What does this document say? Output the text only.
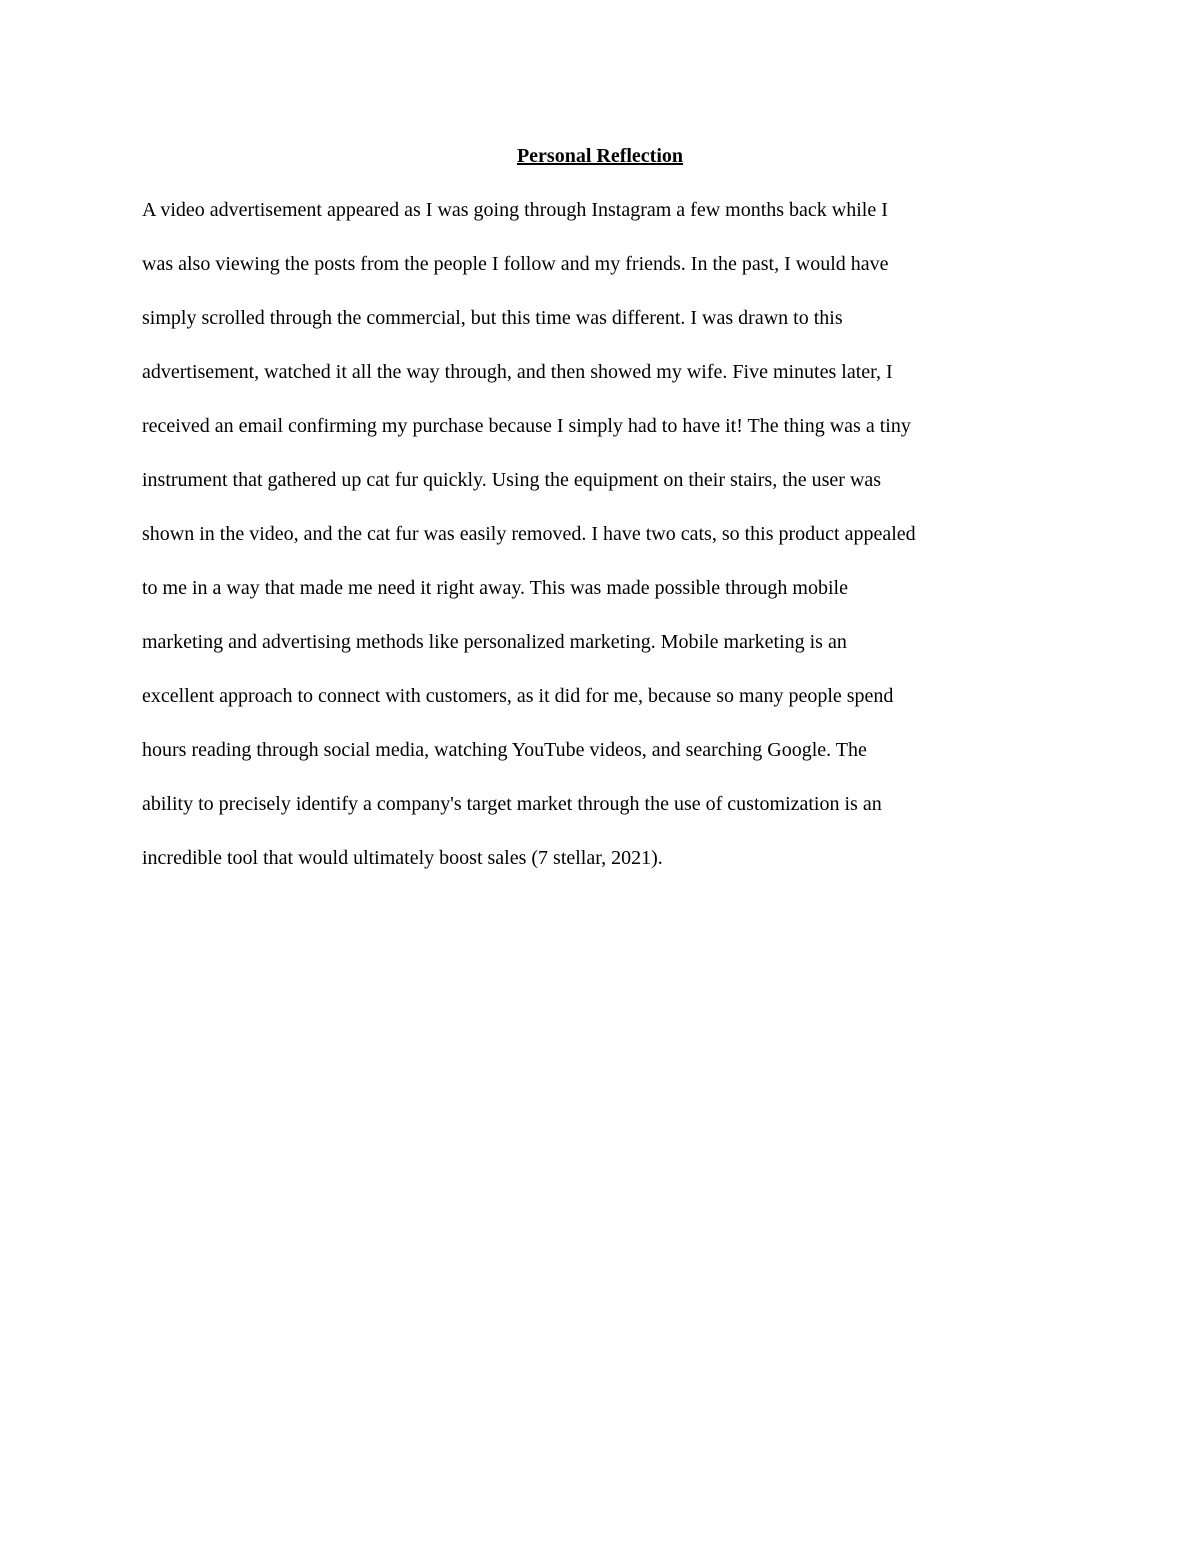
Personal Reflection
A video advertisement appeared as I was going through Instagram a few months back while I
was also viewing the posts from the people I follow and my friends. In the past, I would have
simply scrolled through the commercial, but this time was different. I was drawn to this
advertisement, watched it all the way through, and then showed my wife. Five minutes later, I
received an email confirming my purchase because I simply had to have it! The thing was a tiny
instrument that gathered up cat fur quickly. Using the equipment on their stairs, the user was
shown in the video, and the cat fur was easily removed. I have two cats, so this product appealed
to me in a way that made me need it right away. This was made possible through mobile
marketing and advertising methods like personalized marketing. Mobile marketing is an
excellent approach to connect with customers, as it did for me, because so many people spend
hours reading through social media, watching YouTube videos, and searching Google. The
ability to precisely identify a company's target market through the use of customization is an
incredible tool that would ultimately boost sales (7 stellar, 2021).
